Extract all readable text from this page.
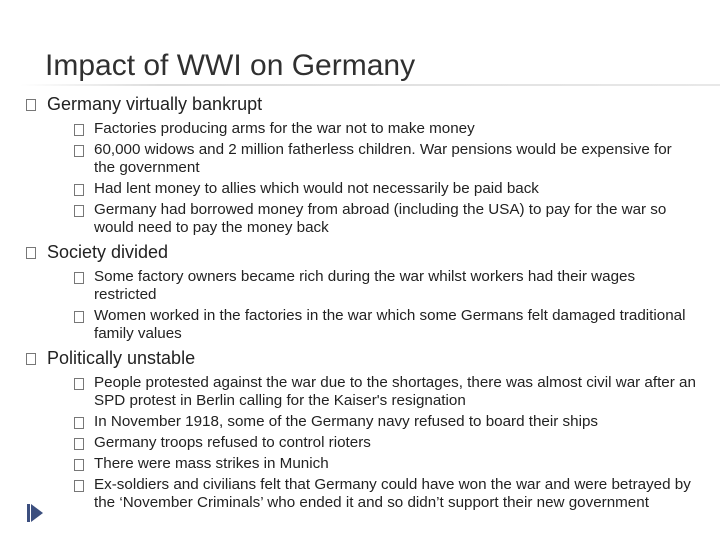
Impact of WWI on Germany
Germany virtually bankrupt
Factories producing arms for the war not to make money
60,000 widows and 2 million fatherless children. War pensions would be expensive for the government
Had lent money to allies which would not necessarily be paid back
Germany had borrowed money from abroad (including the USA) to pay for the war so would need to pay the money back
Society divided
Some factory owners became rich during the war whilst workers had their wages restricted
Women worked in the factories in the war which some Germans felt damaged traditional family values
Politically unstable
People protested against the war due to the shortages, there was almost civil war after an SPD protest in Berlin calling for the Kaiser's resignation
In November 1918, some of the Germany navy refused to board their ships
Germany troops refused to control rioters
There were mass strikes in Munich
Ex-soldiers and civilians felt that Germany could have won the war and were betrayed by the ‘November Criminals’ who ended it and so didn’t support their new government
